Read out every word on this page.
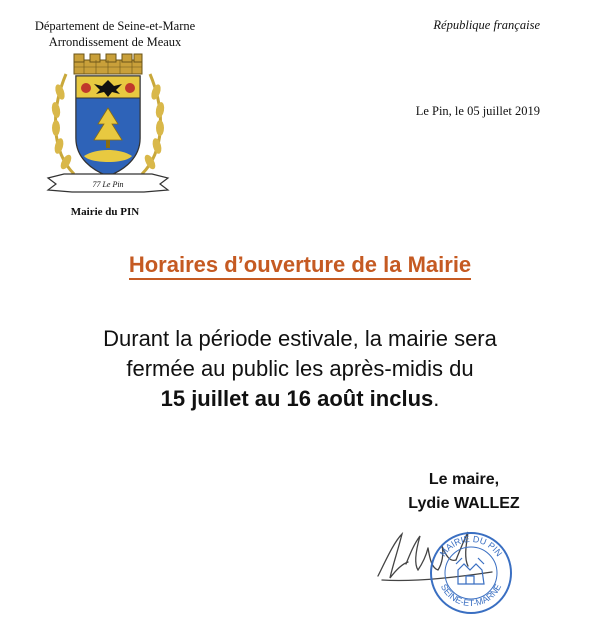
Département de Seine-et-Marne
Arrondissement de Meaux
République française
Le Pin, le 05 juillet 2019
77 Le Pin
Mairie du PIN
Horaires d’ouverture de la Mairie
Durant la période estivale, la mairie sera
fermée au public les après-midis du
15 juillet au 16 août inclus.
Le maire,
Lydie WALLEZ
MAIRIE DU PIN
SEINE-ET-MARNE
